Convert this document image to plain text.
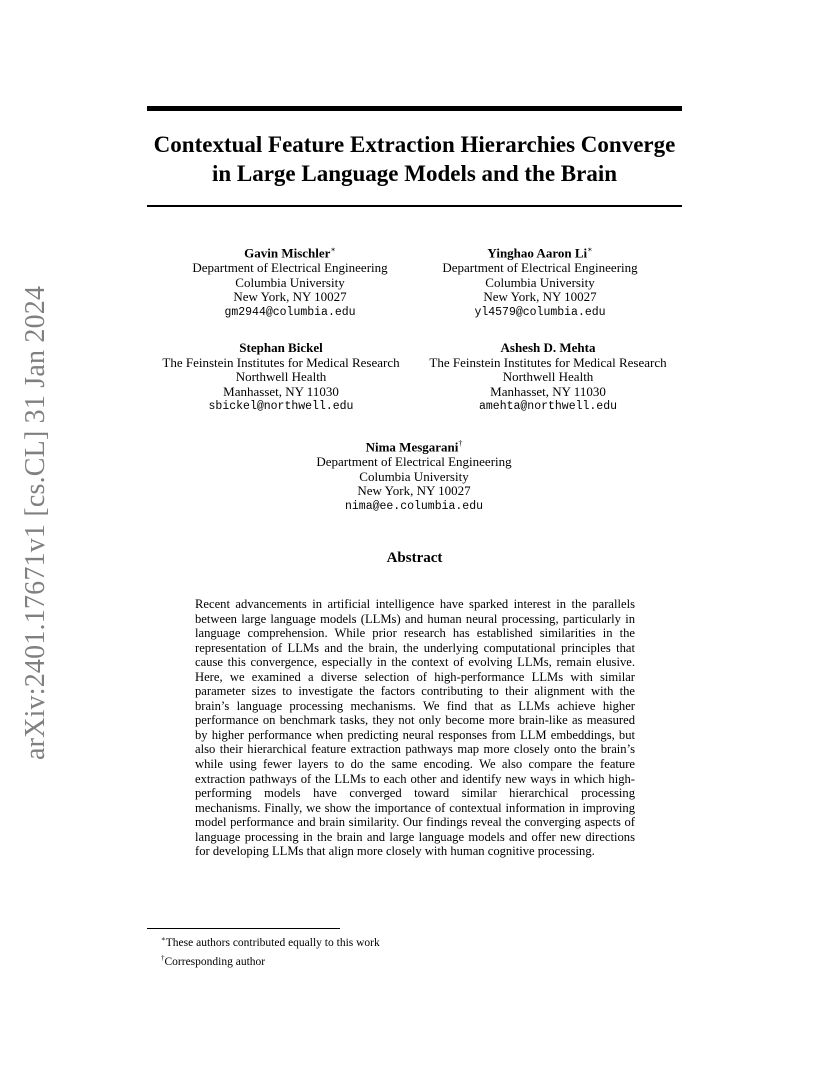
arXiv:2401.17671v1 [cs.CL] 31 Jan 2024
Contextual Feature Extraction Hierarchies Converge
in Large Language Models and the Brain
Gavin Mischler∗
Department of Electrical Engineering
Columbia University
New York, NY 10027
gm2944@columbia.edu
Yinghao Aaron Li∗
Department of Electrical Engineering
Columbia University
New York, NY 10027
yl4579@columbia.edu
Stephan Bickel
The Feinstein Institutes for Medical Research
Northwell Health
Manhasset, NY 11030
sbickel@northwell.edu
Ashesh D. Mehta
The Feinstein Institutes for Medical Research
Northwell Health
Manhasset, NY 11030
amehta@northwell.edu
Nima Mesgarani†
Department of Electrical Engineering
Columbia University
New York, NY 10027
nima@ee.columbia.edu
Abstract

Recent advancements in artificial intelligence have sparked interest in the parallels between large language models (LLMs) and human neural processing, particularly in language comprehension. While prior research has established similarities in the representation of LLMs and the brain, the underlying computational principles that cause this convergence, especially in the context of evolving LLMs, remain elusive. Here, we examined a diverse selection of high-performance LLMs with similar parameter sizes to investigate the factors contributing to their alignment with the brain’s language processing mechanisms. We find that as LLMs achieve higher performance on benchmark tasks, they not only become more brain-like as measured by higher performance when predicting neural responses from LLM embeddings, but also their hierarchical feature extraction pathways map more closely onto the brain’s while using fewer layers to do the same encoding. We also compare the feature extraction pathways of the LLMs to each other and identify new ways in which high-performing models have converged toward similar hierarchical processing mechanisms. Finally, we show the importance of contextual information in improving model performance and brain similarity. Our findings reveal the converging aspects of language processing in the brain and large language models and offer new directions for developing LLMs that align more closely with human cognitive processing.

∗These authors contributed equally to this work
†Corresponding author
